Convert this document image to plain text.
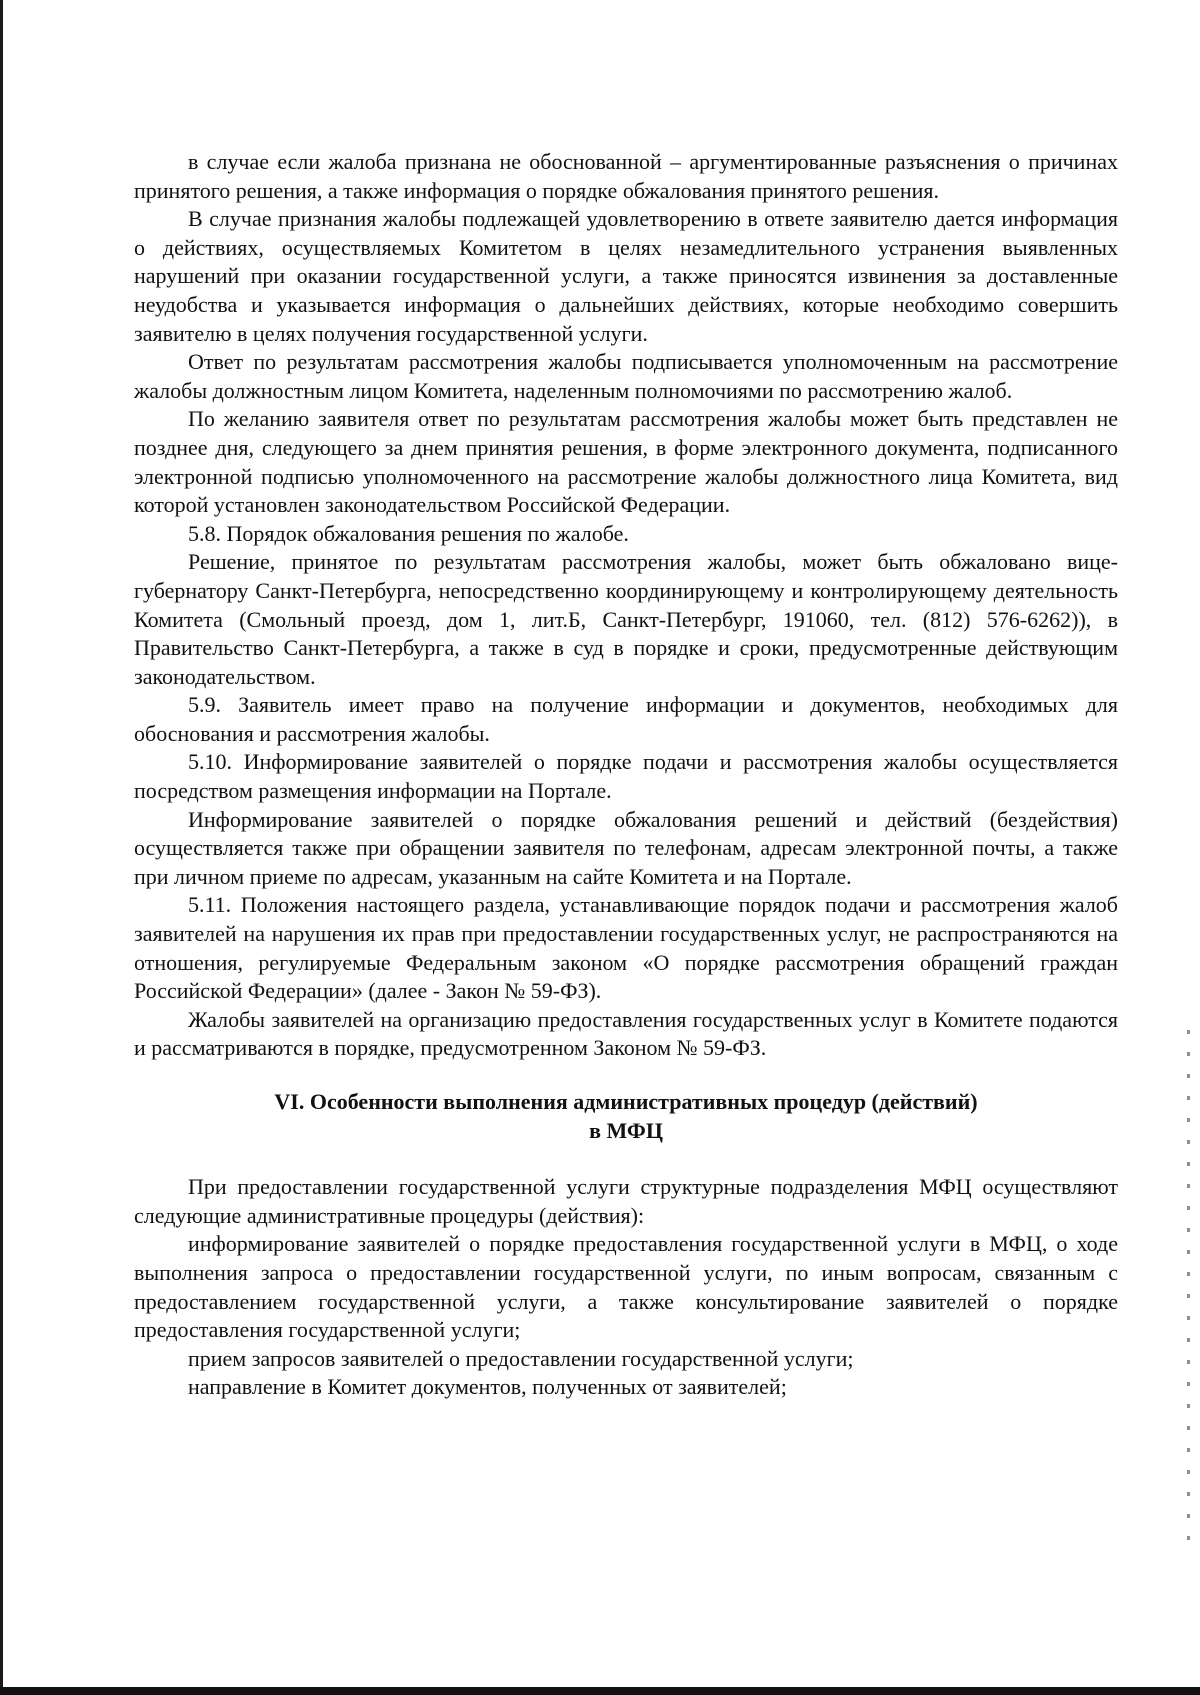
в случае если жалоба признана не обоснованной – аргументированные разъяснения о причинах принятого решения, а также информация о порядке обжалования принятого решения.

В случае признания жалобы подлежащей удовлетворению в ответе заявителю дается информация о действиях, осуществляемых Комитетом в целях незамедлительного устранения выявленных нарушений при оказании государственной услуги, а также приносятся извинения за доставленные неудобства и указывается информация о дальнейших действиях, которые необходимо совершить заявителю в целях получения государственной услуги.

Ответ по результатам рассмотрения жалобы подписывается уполномоченным на рассмотрение жалобы должностным лицом Комитета, наделенным полномочиями по рассмотрению жалоб.

По желанию заявителя ответ по результатам рассмотрения жалобы может быть представлен не позднее дня, следующего за днем принятия решения, в форме электронного документа, подписанного электронной подписью уполномоченного на рассмотрение жалобы должностного лица Комитета, вид которой установлен законодательством Российской Федерации.

5.8. Порядок обжалования решения по жалобе.

Решение, принятое по результатам рассмотрения жалобы, может быть обжаловано вице-губернатору Санкт-Петербурга, непосредственно координирующему и контролирующему деятельность Комитета (Смольный проезд, дом 1, лит.Б, Санкт-Петербург, 191060, тел. (812) 576-6262)), в Правительство Санкт-Петербурга, а также в суд в порядке и сроки, предусмотренные действующим законодательством.

5.9. Заявитель имеет право на получение информации и документов, необходимых для обоснования и рассмотрения жалобы.

5.10. Информирование заявителей о порядке подачи и рассмотрения жалобы осуществляется посредством размещения информации на Портале.

Информирование заявителей о порядке обжалования решений и действий (бездействия) осуществляется также при обращении заявителя по телефонам, адресам электронной почты, а также при личном приеме по адресам, указанным на сайте Комитета и на Портале.

5.11. Положения настоящего раздела, устанавливающие порядок подачи и рассмотрения жалоб заявителей на нарушения их прав при предоставлении государственных услуг, не распространяются на отношения, регулируемые Федеральным законом «О порядке рассмотрения обращений граждан Российской Федерации» (далее - Закон № 59-ФЗ).

Жалобы заявителей на организацию предоставления государственных услуг в Комитете подаются и рассматриваются в порядке, предусмотренном Законом № 59-ФЗ.

VI. Особенности выполнения административных процедур (действий)
в МФЦ

При предоставлении государственной услуги структурные подразделения МФЦ осуществляют следующие административные процедуры (действия):

информирование заявителей о порядке предоставления государственной услуги в МФЦ, о ходе выполнения запроса о предоставлении государственной услуги, по иным вопросам, связанным с предоставлением государственной услуги, а также консультирование заявителей о порядке предоставления государственной услуги;

прием запросов заявителей о предоставлении государственной услуги;

направление в Комитет документов, полученных от заявителей;
